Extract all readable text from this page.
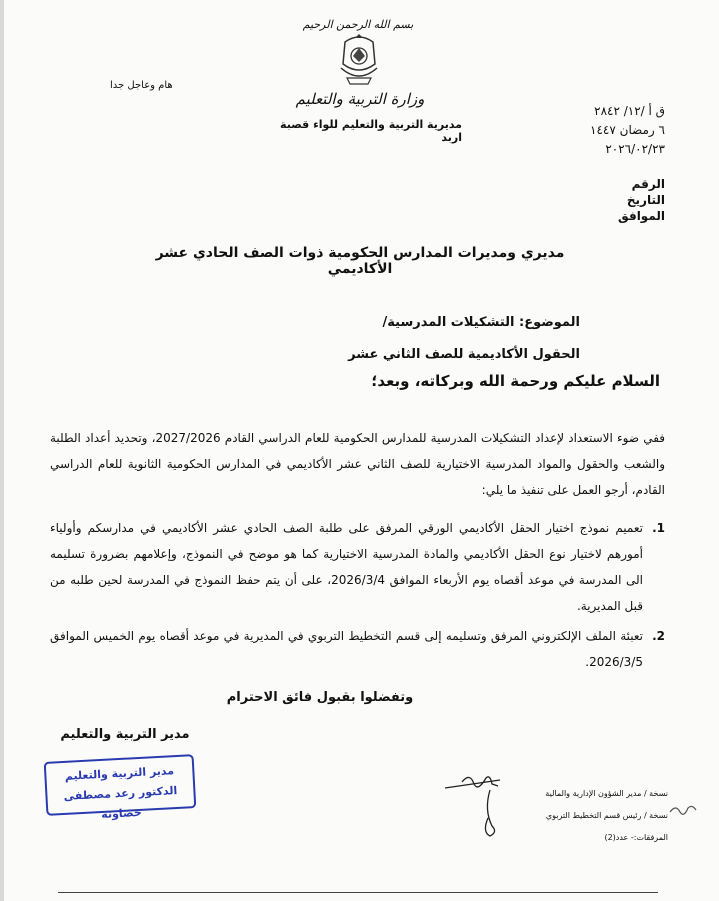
بسم الله الرحمن الرحيم
هام وعاجل جدا
وزارة التربية والتعليم
مديرية التربية والتعليم للواء قصبة اربد
ق أ /١٢/ ٢٨٤٢
٦ رمضان ١٤٤٧
٢٠٢٦/٠٢/٢٣
الرقم
التاريخ
الموافق
مديري ومديرات المدارس الحكومية ذوات الصف الحادي عشر الأكاديمي
الموضوع: التشكيلات المدرسية/
الحقول الأكاديمية للصف الثاني عشر
السلام عليكم ورحمة الله وبركاته، وبعد؛
ففي ضوء الاستعداد لإعداد التشكيلات المدرسية للمدارس الحكومية للعام الدراسي القادم 2027/2026، وتحديد أعداد الطلبة والشعب والحقول والمواد المدرسية الاختيارية للصف الثاني عشر الأكاديمي في المدارس الحكومية الثانوية للعام الدراسي القادم، أرجو العمل على تنفيذ ما يلي:
1.
تعميم نموذج اختيار الحقل الأكاديمي الورقي المرفق على طلبة الصف الحادي عشر الأكاديمي في مدارسكم وأولياء أمورهم لاختيار نوع الحقل الأكاديمي والمادة المدرسية الاختيارية كما هو موضح في النموذج، وإعلامهم بضرورة تسليمه الى المدرسة في موعد أقصاه يوم الأربعاء الموافق 2026/3/4، على أن يتم حفظ النموذج في المدرسة لحين طلبه من قبل المديرية.
2.
تعبئة الملف الإلكتروني المرفق وتسليمه إلى قسم التخطيط التربوي في المديرية في موعد أقصاه يوم الخميس الموافق 2026/3/5.
وتفضلوا بقبول فائق الاحترام
مدير التربية والتعليم
مدير التربية والتعليم
الدكتور رعد مصطفى خصاونه
نسخة / مدير الشؤون الإدارية والمالية
نسخة / رئيس قسم التخطيط التربوي
المرفقات:- عدد(2)
